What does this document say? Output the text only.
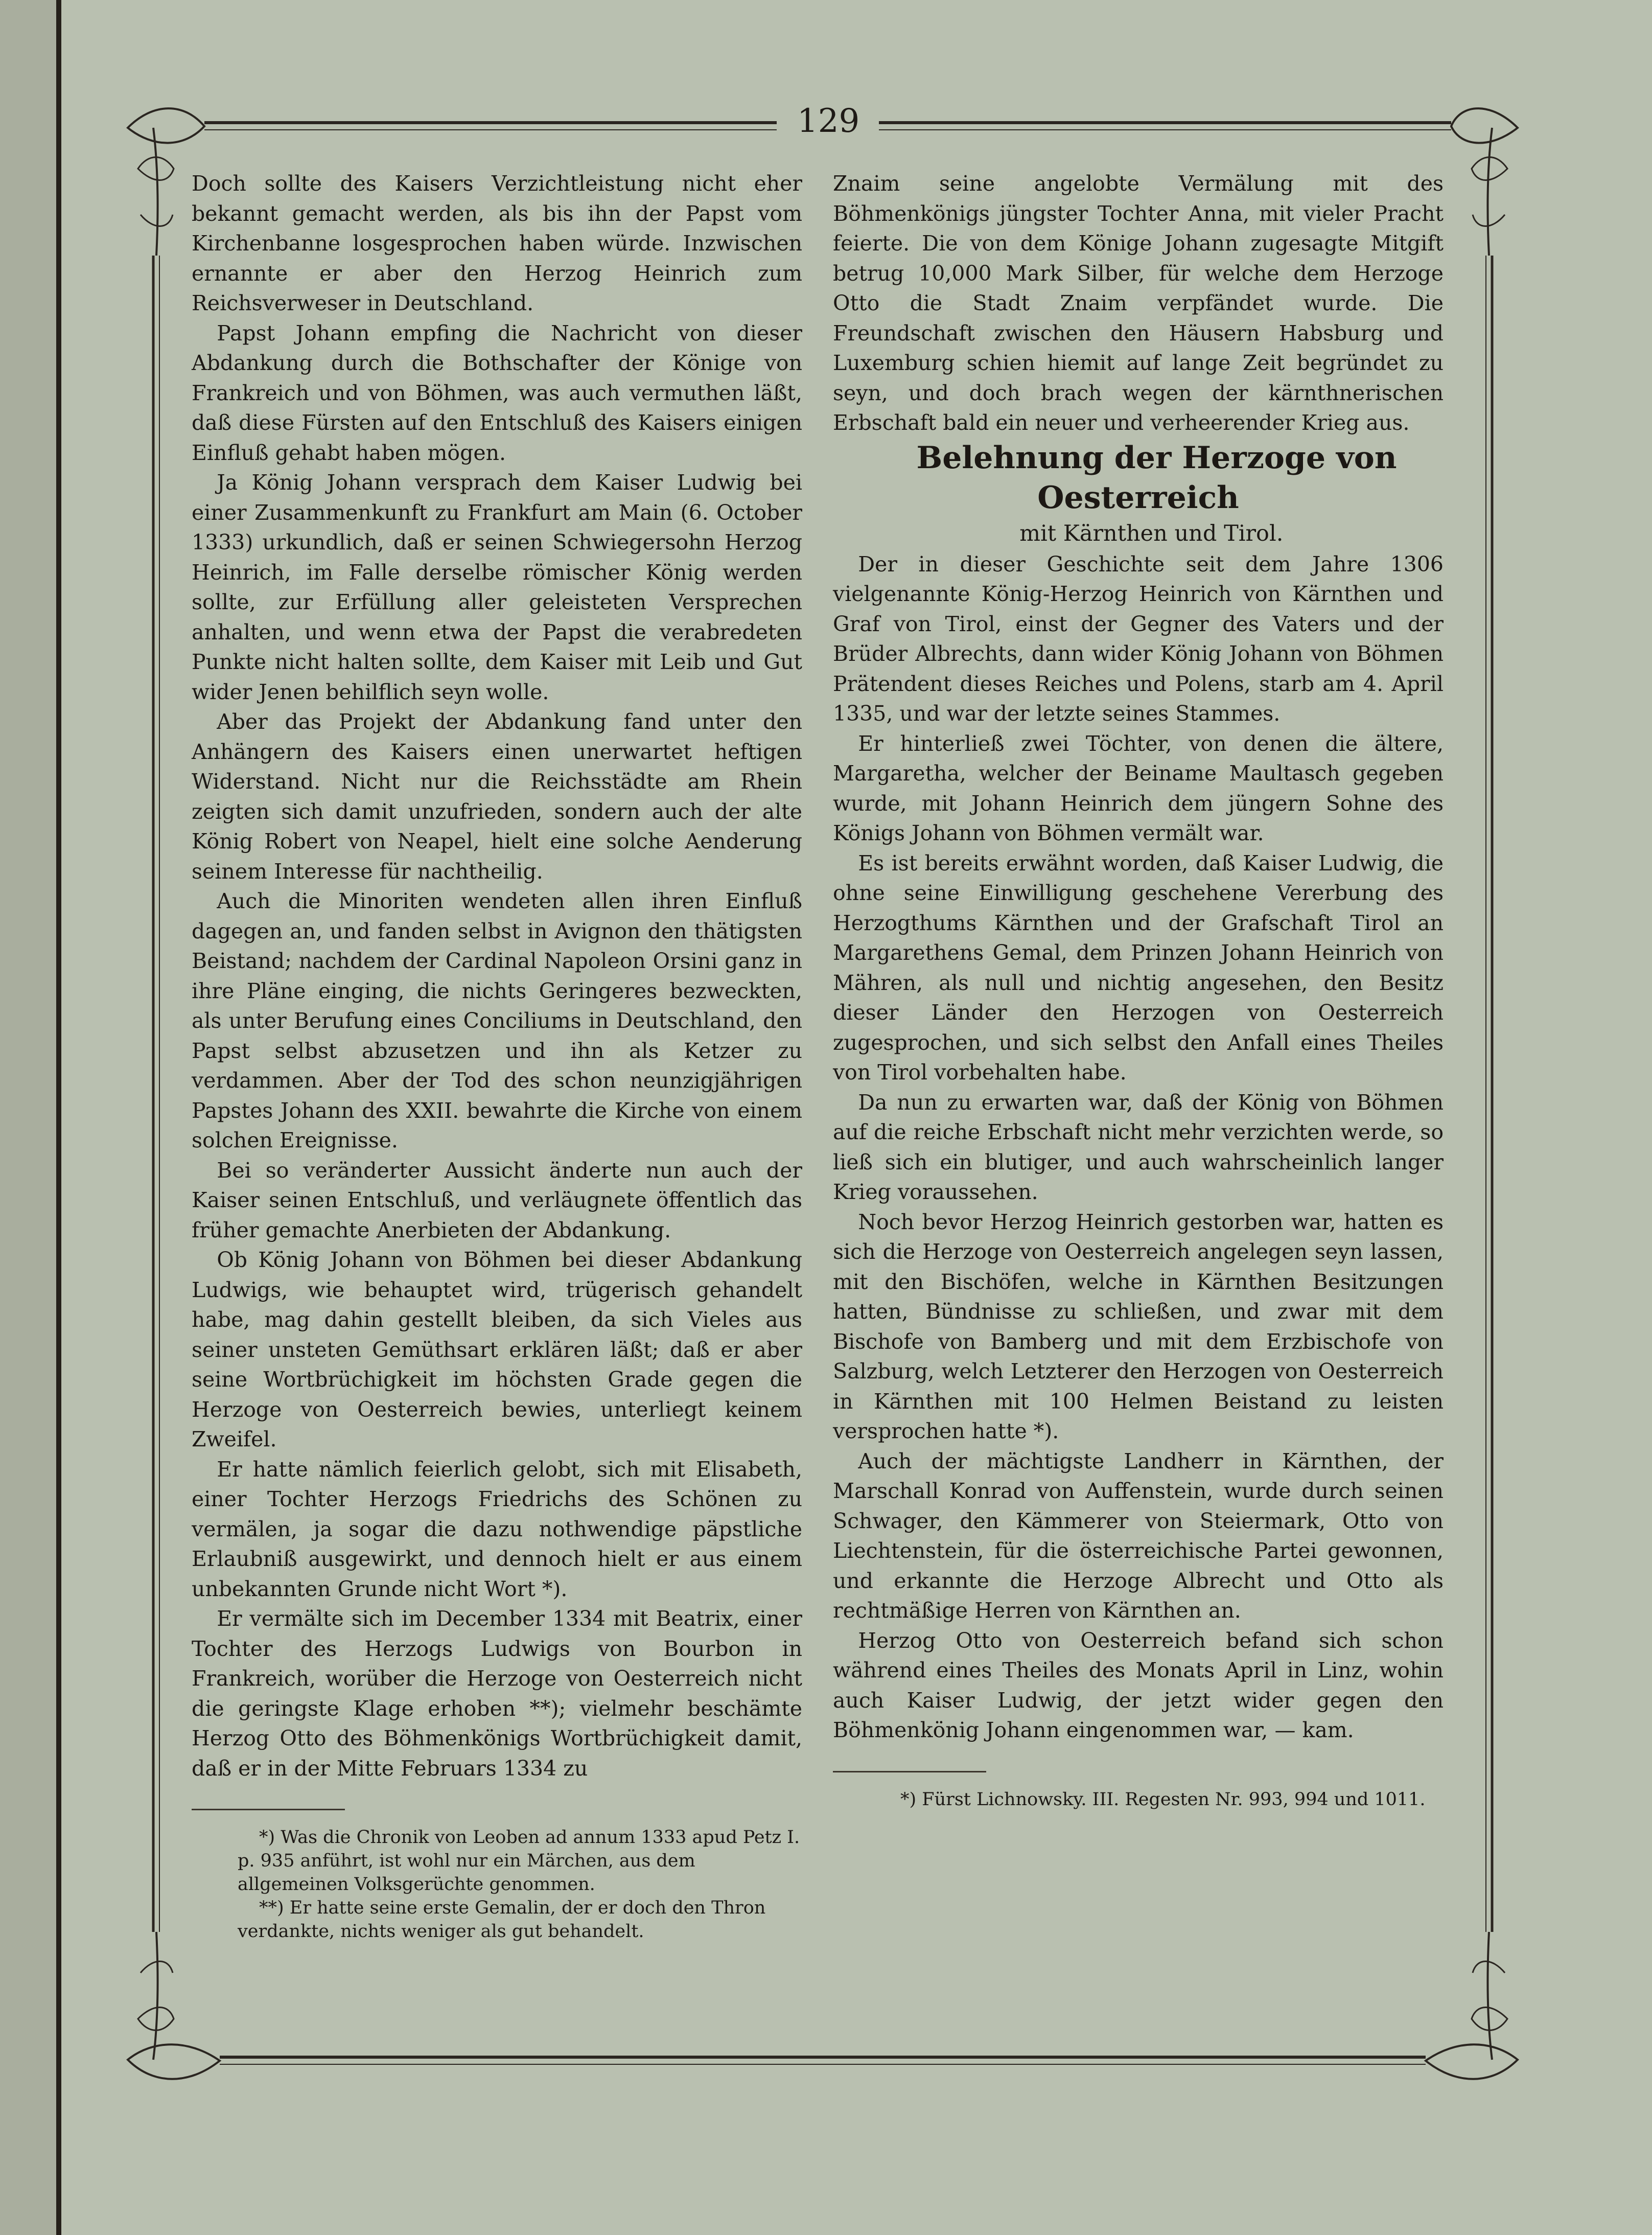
129

Doch sollte des Kaisers Verzichtleistung nicht eher bekannt gemacht werden, als bis ihn der Papst vom Kirchenbanne losgesprochen haben würde. Inzwischen ernannte er aber den Herzog Heinrich zum Reichsverweser in Deutschland.

Papst Johann empfing die Nachricht von dieser Abdankung durch die Bothschafter der Könige von Frankreich und von Böhmen, was auch vermuthen läßt, daß diese Fürsten auf den Entschluß des Kaisers einigen Einfluß gehabt haben mögen.

Ja König Johann versprach dem Kaiser Ludwig bei einer Zusammenkunft zu Frankfurt am Main (6. October 1333) urkundlich, daß er seinen Schwiegersohn Herzog Heinrich, im Falle derselbe römischer König werden sollte, zur Erfüllung aller geleisteten Versprechen anhalten, und wenn etwa der Papst die verabredeten Punkte nicht halten sollte, dem Kaiser mit Leib und Gut wider Jenen behilflich seyn wolle.

Aber das Projekt der Abdankung fand unter den Anhängern des Kaisers einen unerwartet heftigen Widerstand. Nicht nur die Reichsstädte am Rhein zeigten sich damit unzufrieden, sondern auch der alte König Robert von Neapel, hielt eine solche Aenderung seinem Interesse für nachtheilig.

Auch die Minoriten wendeten allen ihren Einfluß dagegen an, und fanden selbst in Avignon den thätigsten Beistand; nachdem der Cardinal Napoleon Orsini ganz in ihre Pläne einging, die nichts Geringeres bezweckten, als unter Berufung eines Conciliums in Deutschland, den Papst selbst abzusetzen und ihn als Ketzer zu verdammen. Aber der Tod des schon neunzigjährigen Papstes Johann des XXII. bewahrte die Kirche von einem solchen Ereignisse.

Bei so veränderter Aussicht änderte nun auch der Kaiser seinen Entschluß, und verläugnete öffentlich das früher gemachte Anerbieten der Abdankung.

Ob König Johann von Böhmen bei dieser Abdankung Ludwigs, wie behauptet wird, trügerisch gehandelt habe, mag dahin gestellt bleiben, da sich Vieles aus seiner unsteten Gemüthsart erklären läßt; daß er aber seine Wortbrüchigkeit im höchsten Grade gegen die Herzoge von Oesterreich bewies, unterliegt keinem Zweifel.

Er hatte nämlich feierlich gelobt, sich mit Elisabeth, einer Tochter Herzogs Friedrichs des Schönen zu vermälen, ja sogar die dazu nothwendige päpstliche Erlaubniß ausgewirkt, und dennoch hielt er aus einem unbekannten Grunde nicht Wort *).

Er vermälte sich im December 1334 mit Beatrix, einer Tochter des Herzogs Ludwigs von Bourbon in Frankreich, worüber die Herzoge von Oesterreich nicht die geringste Klage erhoben **); vielmehr beschämte Herzog Otto des Böhmenkönigs Wortbrüchigkeit damit, daß er in der Mitte Februars 1334 zu

*) Was die Chronik von Leoben ad annum 1333 apud Petz I. p. 935 anführt, ist wohl nur ein Märchen, aus dem allgemeinen Volksgerüchte genommen.

**) Er hatte seine erste Gemalin, der er doch den Thron verdankte, nichts weniger als gut behandelt.

Znaim seine angelobte Vermälung mit des Böhmenkönigs jüngster Tochter Anna, mit vieler Pracht feierte. Die von dem Könige Johann zugesagte Mitgift betrug 10,000 Mark Silber, für welche dem Herzoge Otto die Stadt Znaim verpfändet wurde. Die Freundschaft zwischen den Häusern Habsburg und Luxemburg schien hiemit auf lange Zeit begründet zu seyn, und doch brach wegen der kärnthnerischen Erbschaft bald ein neuer und verheerender Krieg aus.

Belehnung der Herzoge von Oesterreich

mit Kärnthen und Tirol.

Der in dieser Geschichte seit dem Jahre 1306 vielgenannte König-Herzog Heinrich von Kärnthen und Graf von Tirol, einst der Gegner des Vaters und der Brüder Albrechts, dann wider König Johann von Böhmen Prätendent dieses Reiches und Polens, starb am 4. April 1335, und war der letzte seines Stammes.

Er hinterließ zwei Töchter, von denen die ältere, Margaretha, welcher der Beiname Maultasch gegeben wurde, mit Johann Heinrich dem jüngern Sohne des Königs Johann von Böhmen vermält war.

Es ist bereits erwähnt worden, daß Kaiser Ludwig, die ohne seine Einwilligung geschehene Vererbung des Herzogthums Kärnthen und der Grafschaft Tirol an Margarethens Gemal, dem Prinzen Johann Heinrich von Mähren, als null und nichtig angesehen, den Besitz dieser Länder den Herzogen von Oesterreich zugesprochen, und sich selbst den Anfall eines Theiles von Tirol vorbehalten habe.

Da nun zu erwarten war, daß der König von Böhmen auf die reiche Erbschaft nicht mehr verzichten werde, so ließ sich ein blutiger, und auch wahrscheinlich langer Krieg voraussehen.

Noch bevor Herzog Heinrich gestorben war, hatten es sich die Herzoge von Oesterreich angelegen seyn lassen, mit den Bischöfen, welche in Kärnthen Besitzungen hatten, Bündnisse zu schließen, und zwar mit dem Bischofe von Bamberg und mit dem Erzbischofe von Salzburg, welch Letzterer den Herzogen von Oesterreich in Kärnthen mit 100 Helmen Beistand zu leisten versprochen hatte *).

Auch der mächtigste Landherr in Kärnthen, der Marschall Konrad von Auffenstein, wurde durch seinen Schwager, den Kämmerer von Steiermark, Otto von Liechtenstein, für die österreichische Partei gewonnen, und erkannte die Herzoge Albrecht und Otto als rechtmäßige Herren von Kärnthen an.

Herzog Otto von Oesterreich befand sich schon während eines Theiles des Monats April in Linz, wohin auch Kaiser Ludwig, der jetzt wider gegen den Böhmenkönig Johann eingenommen war, — kam.

*) Fürst Lichnowsky. III. Regesten Nr. 993, 994 und 1011.
